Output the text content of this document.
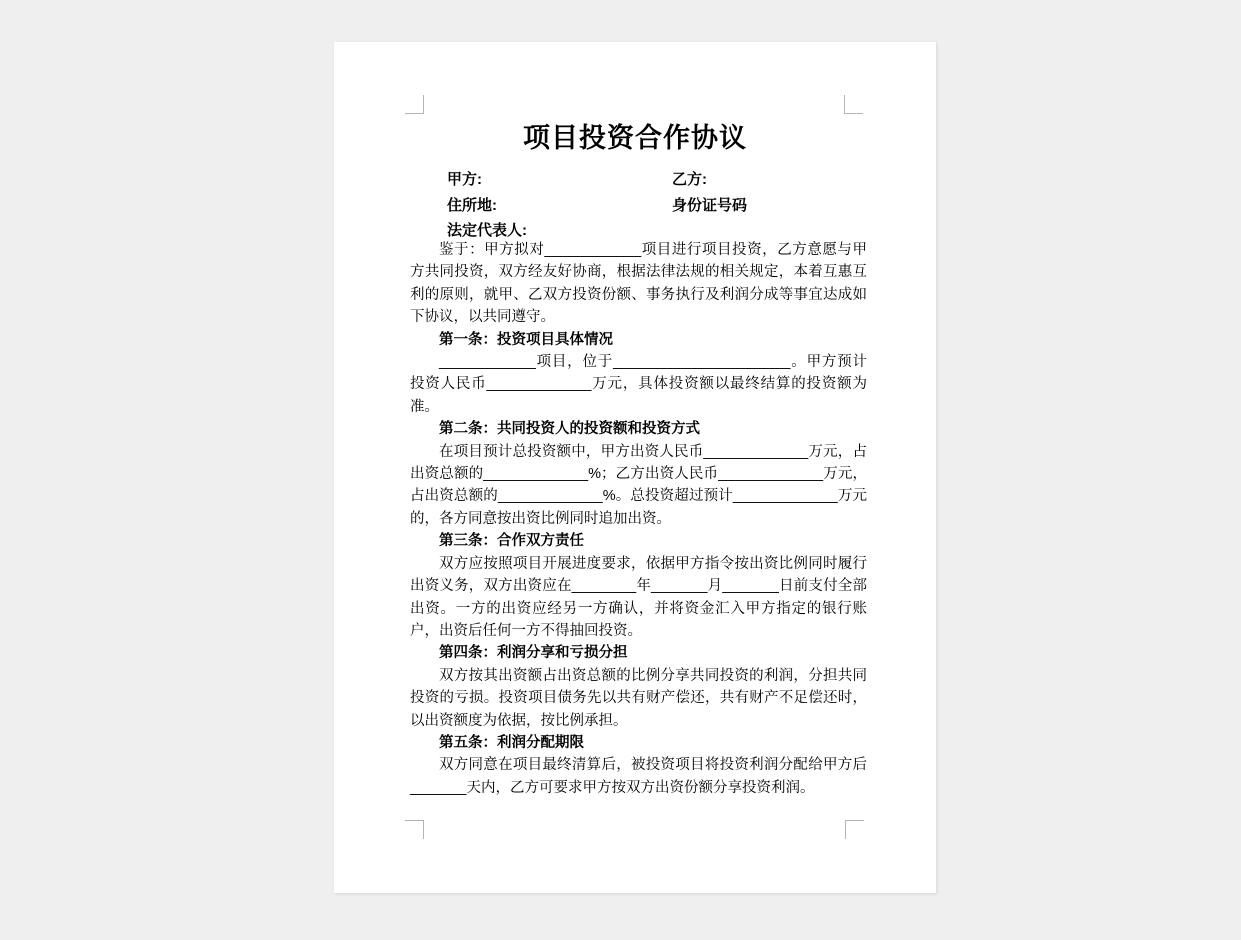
项目投资合作协议
甲方:	乙方:
住所地:	身份证号码
法定代表人:

鉴于：甲方拟对____________项目进行项目投资，乙方意愿与甲方共同投资，双方经友好协商，根据法律法规的相关规定，本着互惠互利的原则，就甲、乙双方投资份额、事务执行及利润分成等事宜达成如下协议，以共同遵守。

第一条：投资项目具体情况

____________项目，位于______________________。甲方预计投资人民币_____________万元，具体投资额以最终结算的投资额为准。

第二条：共同投资人的投资额和投资方式

在项目预计总投资额中，甲方出资人民币_____________万元，占出资总额的_____________%；乙方出资人民币_____________万元，占出资总额的_____________%。总投资超过预计_____________万元的，各方同意按出资比例同时追加出资。

第三条：合作双方责任

双方应按照项目开展进度要求，依据甲方指令按出资比例同时履行出资义务，双方出资应在________年_______月_______日前支付全部出资。一方的出资应经另一方确认，并将资金汇入甲方指定的银行账户，出资后任何一方不得抽回投资。

第四条：利润分享和亏损分担

双方按其出资额占出资总额的比例分享共同投资的利润，分担共同投资的亏损。投资项目债务先以共有财产偿还，共有财产不足偿还时，以出资额度为依据，按比例承担。

第五条：利润分配期限

双方同意在项目最终清算后，被投资项目将投资利润分配给甲方后_______天内，乙方可要求甲方按双方出资份额分享投资利润。
